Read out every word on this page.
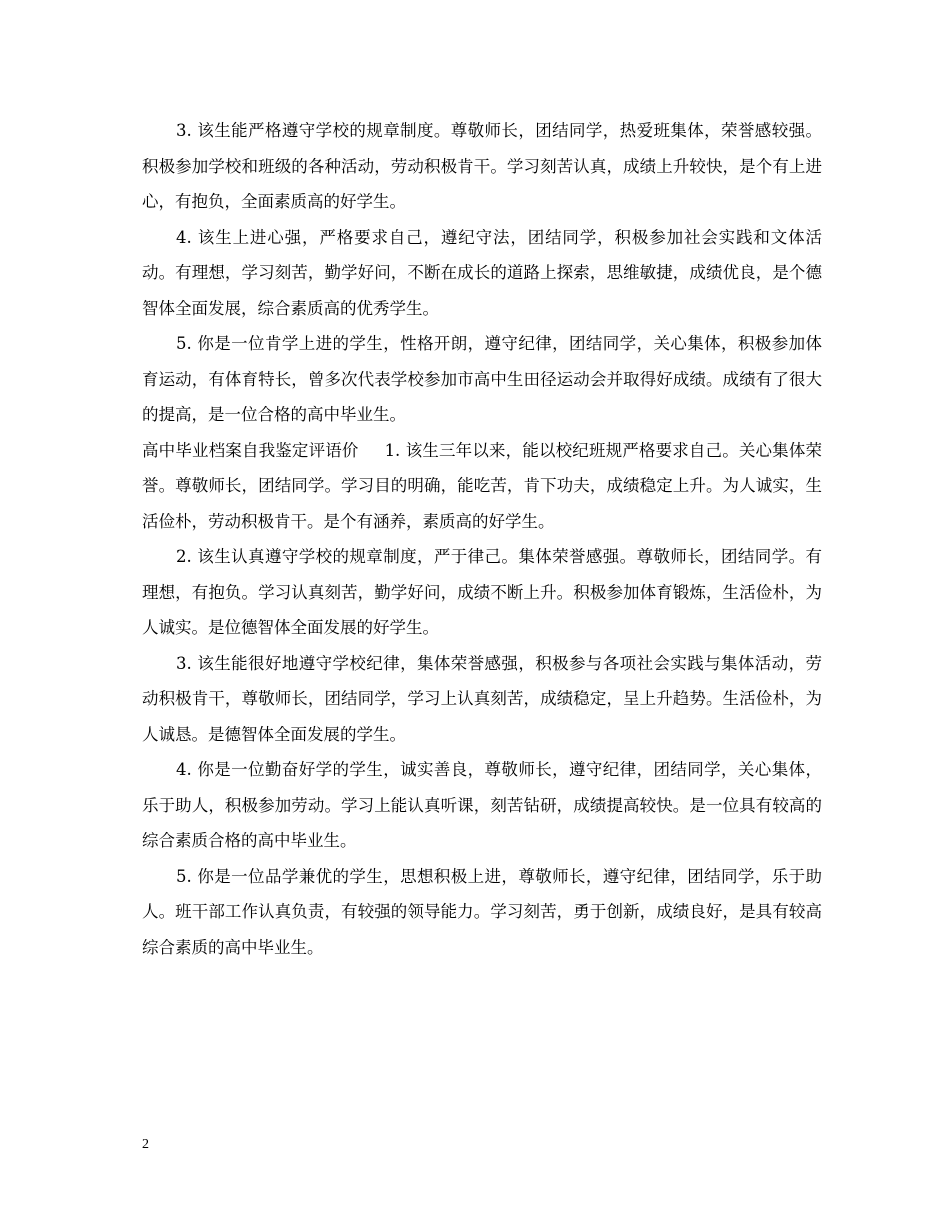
3. 该生能严格遵守学校的规章制度。尊敬师长，团结同学，热爱班集体，荣誉感较强。积极参加学校和班级的各种活动，劳动积极肯干。学习刻苦认真，成绩上升较快，是个有上进心，有抱负，全面素质高的好学生。

4. 该生上进心强，严格要求自己，遵纪守法，团结同学，积极参加社会实践和文体活动。有理想，学习刻苦，勤学好问，不断在成长的道路上探索，思维敏捷，成绩优良，是个德智体全面发展，综合素质高的优秀学生。

5. 你是一位肯学上进的学生，性格开朗，遵守纪律，团结同学，关心集体，积极参加体育运动，有体育特长，曾多次代表学校参加市高中生田径运动会并取得好成绩。成绩有了很大的提高，是一位合格的高中毕业生。

高中毕业档案自我鉴定评语价 1. 该生三年以来，能以校纪班规严格要求自己。关心集体荣誉。尊敬师长，团结同学。学习目的明确，能吃苦，肯下功夫，成绩稳定上升。为人诚实，生活俭朴，劳动积极肯干。是个有涵养，素质高的好学生。

2. 该生认真遵守学校的规章制度，严于律己。集体荣誉感强。尊敬师长，团结同学。有理想，有抱负。学习认真刻苦，勤学好问，成绩不断上升。积极参加体育锻炼，生活俭朴，为人诚实。是位德智体全面发展的好学生。

3. 该生能很好地遵守学校纪律，集体荣誉感强，积极参与各项社会实践与集体活动，劳动积极肯干，尊敬师长，团结同学，学习上认真刻苦，成绩稳定，呈上升趋势。生活俭朴，为人诚恳。是德智体全面发展的学生。

4. 你是一位勤奋好学的学生，诚实善良，尊敬师长，遵守纪律，团结同学，关心集体，乐于助人，积极参加劳动。学习上能认真听课，刻苦钻研，成绩提高较快。是一位具有较高的综合素质合格的高中毕业生。

5. 你是一位品学兼优的学生，思想积极上进，尊敬师长，遵守纪律，团结同学，乐于助人。班干部工作认真负责，有较强的领导能力。学习刻苦，勇于创新，成绩良好，是具有较高综合素质的高中毕业生。

2
